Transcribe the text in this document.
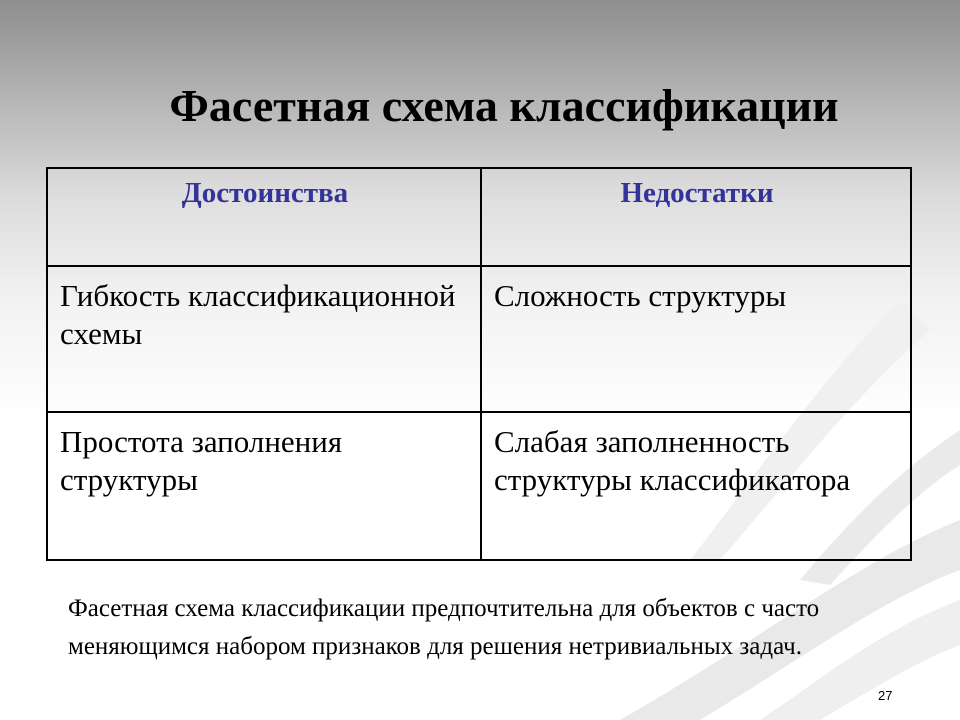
Фасетная схема классификации
Достоинства	Недостатки
Гибкость классификационной схемы	Сложность структуры
Простота заполнения структуры	Слабая заполненность структуры классификатора

Фасетная схема классификации предпочтительна для объектов с часто меняющимся набором признаков для решения нетривиальных задач.

27
